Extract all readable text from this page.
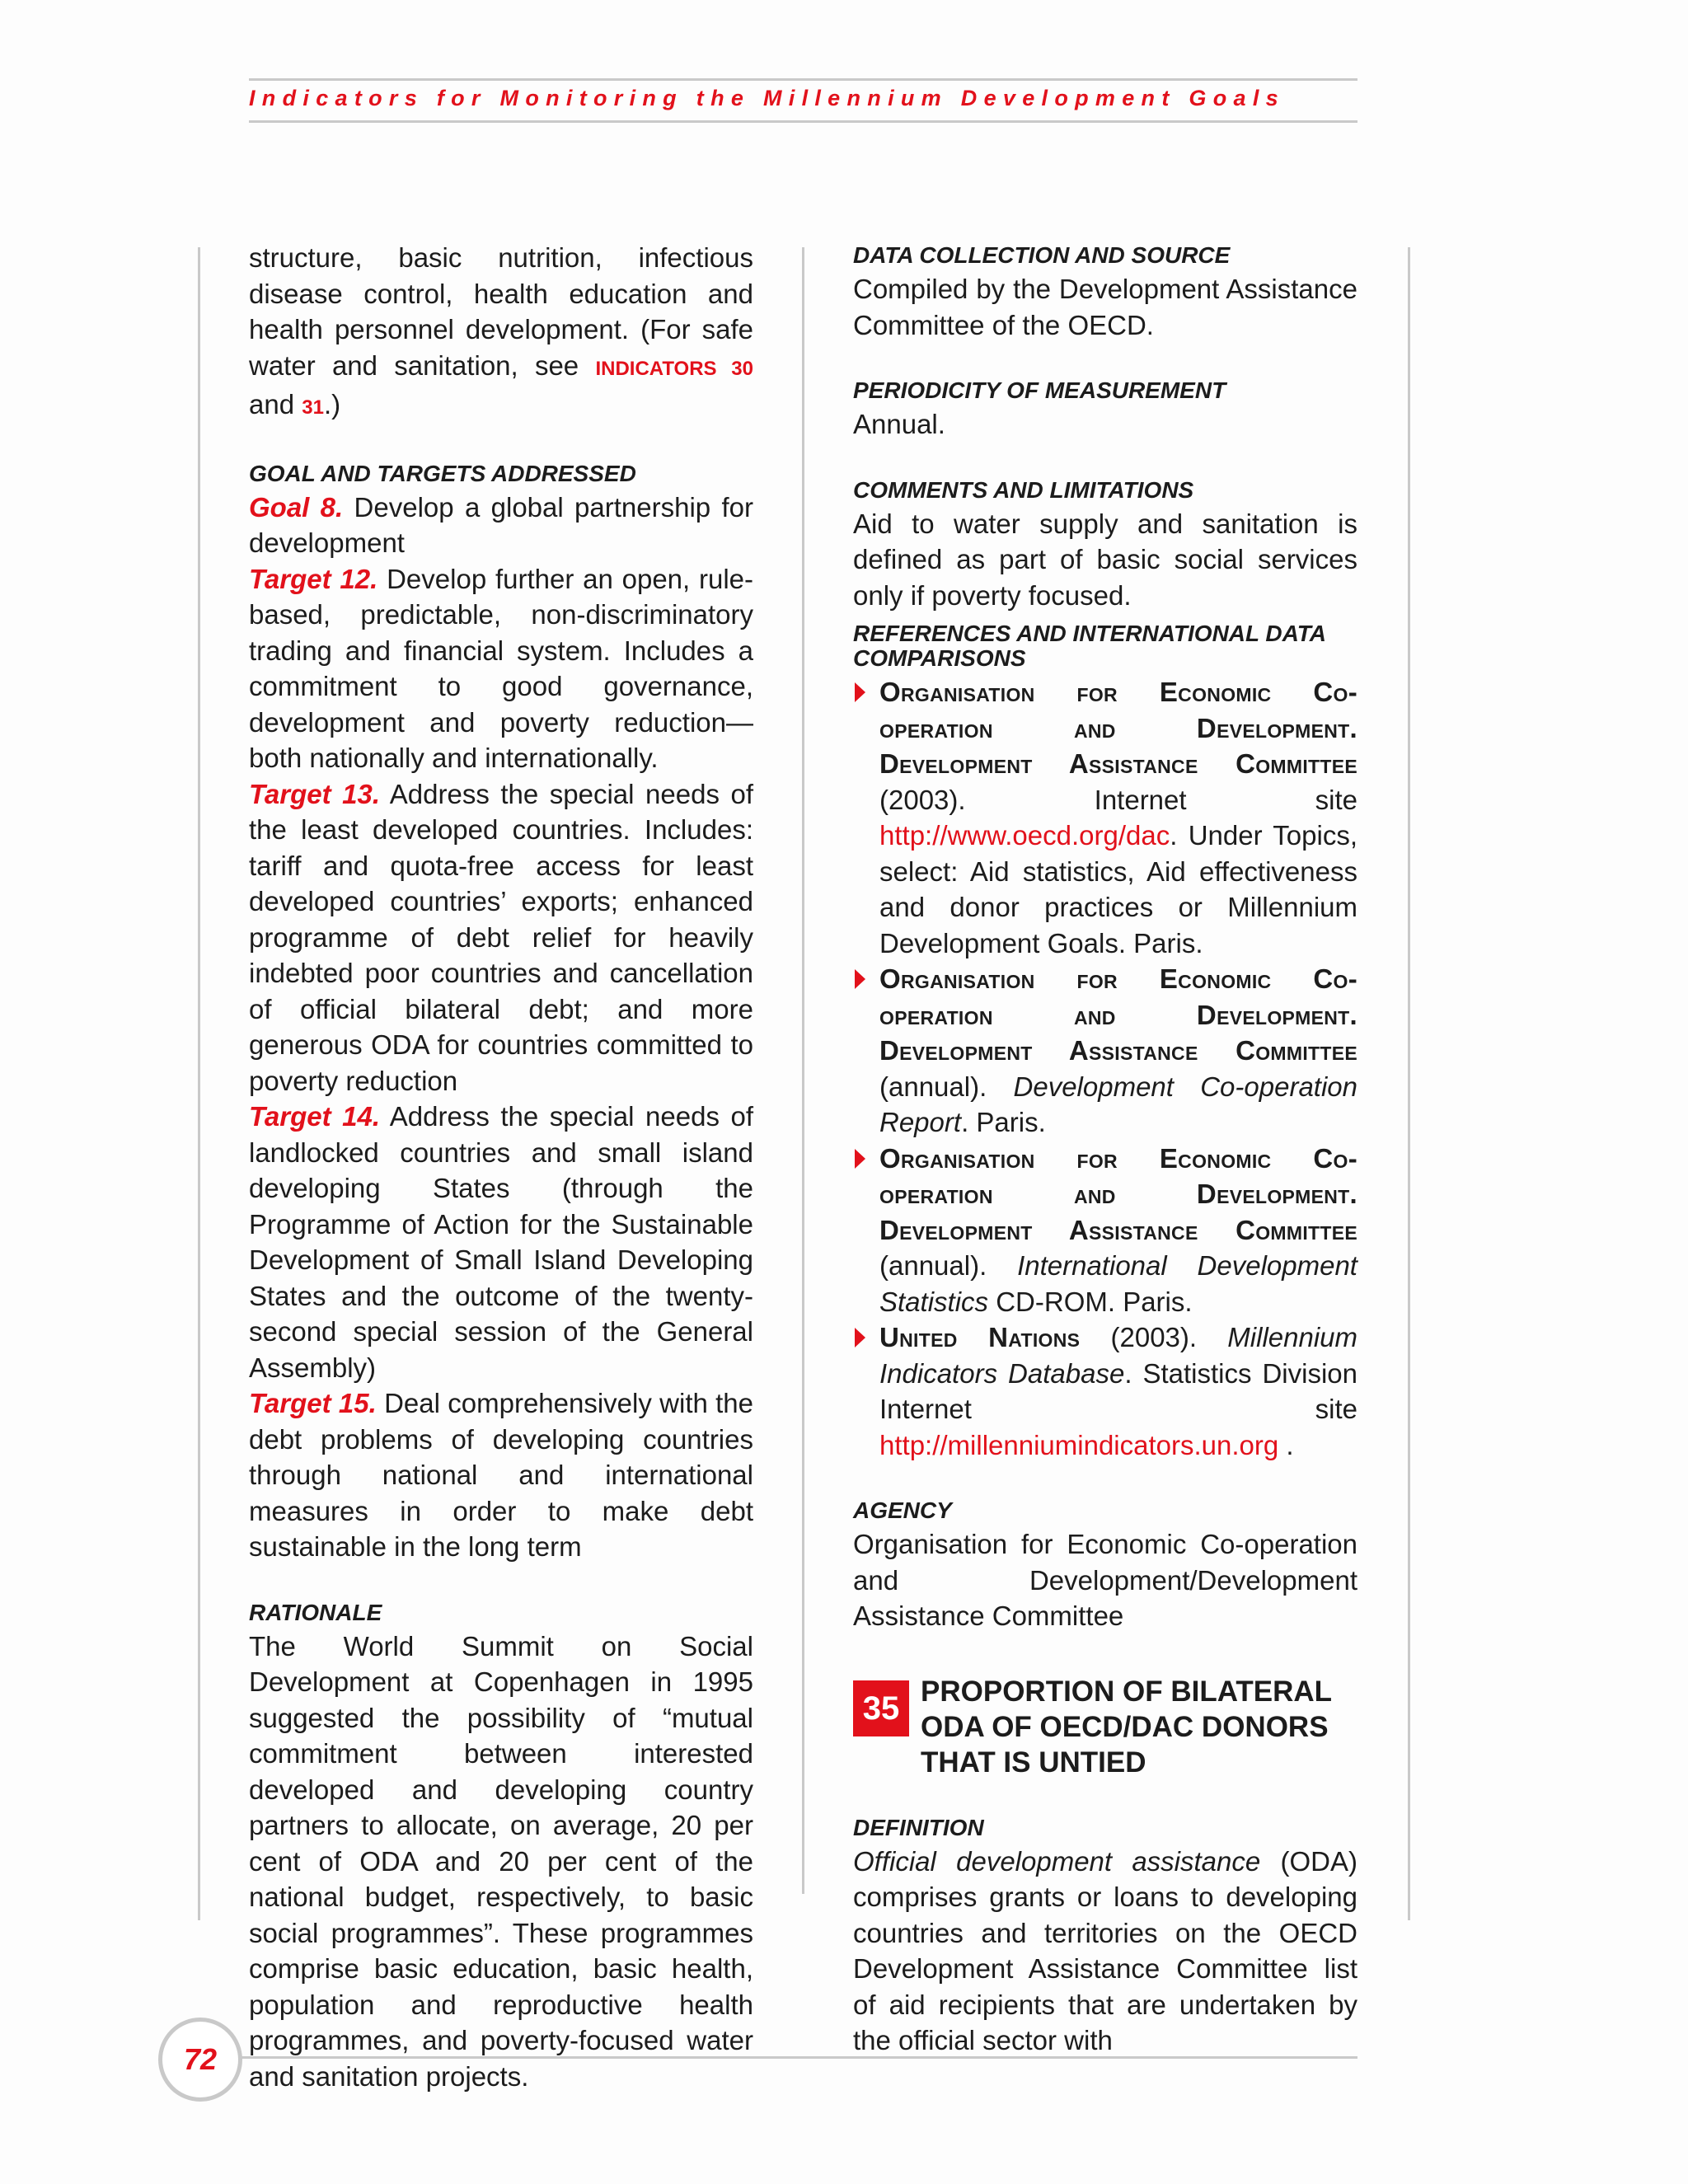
Indicators for Monitoring the Millennium Development Goals

structure, basic nutrition, infectious disease control, health education and health personnel development. (For safe water and sanitation, see INDICATORS 30 and 31.)

GOAL AND TARGETS ADDRESSED

Goal 8. Develop a global partnership for development

Target 12. Develop further an open, rule-based, predictable, non-discriminatory trading and financial system. Includes a commitment to good governance, development and poverty reduction—both nationally and internationally.

Target 13. Address the special needs of the least developed countries. Includes: tariff and quota-free access for least developed countries’ exports; enhanced programme of debt relief for heavily indebted poor countries and cancellation of official bilateral debt; and more generous ODA for countries committed to poverty reduction

Target 14. Address the special needs of landlocked countries and small island developing States (through the Programme of Action for the Sustainable Development of Small Island Developing States and the outcome of the twenty-second special session of the General Assembly)

Target 15. Deal comprehensively with the debt problems of developing countries through national and international measures in order to make debt sustainable in the long term

RATIONALE

The World Summit on Social Development at Copenhagen in 1995 suggested the possibility of “mutual commitment between interested developed and developing country partners to allocate, on average, 20 per cent of ODA and 20 per cent of the national budget, respectively, to basic social programmes”. These programmes comprise basic education, basic health, population and reproductive health programmes, and poverty-focused water and sanitation projects.

DATA COLLECTION AND SOURCE

Compiled by the Development Assistance Committee of the OECD.

PERIODICITY OF MEASUREMENT

Annual.

COMMENTS AND LIMITATIONS

Aid to water supply and sanitation is defined as part of basic social services only if poverty focused.

REFERENCES AND INTERNATIONAL DATA COMPARISONS

Organisation for Economic Co-operation and Development. Development Assistance Committee (2003). Internet site http://www.oecd.org/dac. Under Topics, select: Aid statistics, Aid effectiveness and donor practices or Millennium Development Goals. Paris.

Organisation for Economic Co-operation and Development. Development Assistance Committee (annual). Development Co-operation Report. Paris.

Organisation for Economic Co-operation and Development. Development Assistance Committee (annual). International Development Statistics CD-ROM. Paris.

United Nations (2003). Millennium Indicators Database. Statistics Division Internet site http://millenniumindicators.un.org .

AGENCY

Organisation for Economic Co-operation and Development/Development Assistance Committee

35 PROPORTION OF BILATERAL ODA OF OECD/DAC DONORS THAT IS UNTIED
DEFINITION

Official development assistance (ODA) comprises grants or loans to developing countries and territories on the OECD Development Assistance Committee list of aid recipients that are undertaken by the official sector with

72
